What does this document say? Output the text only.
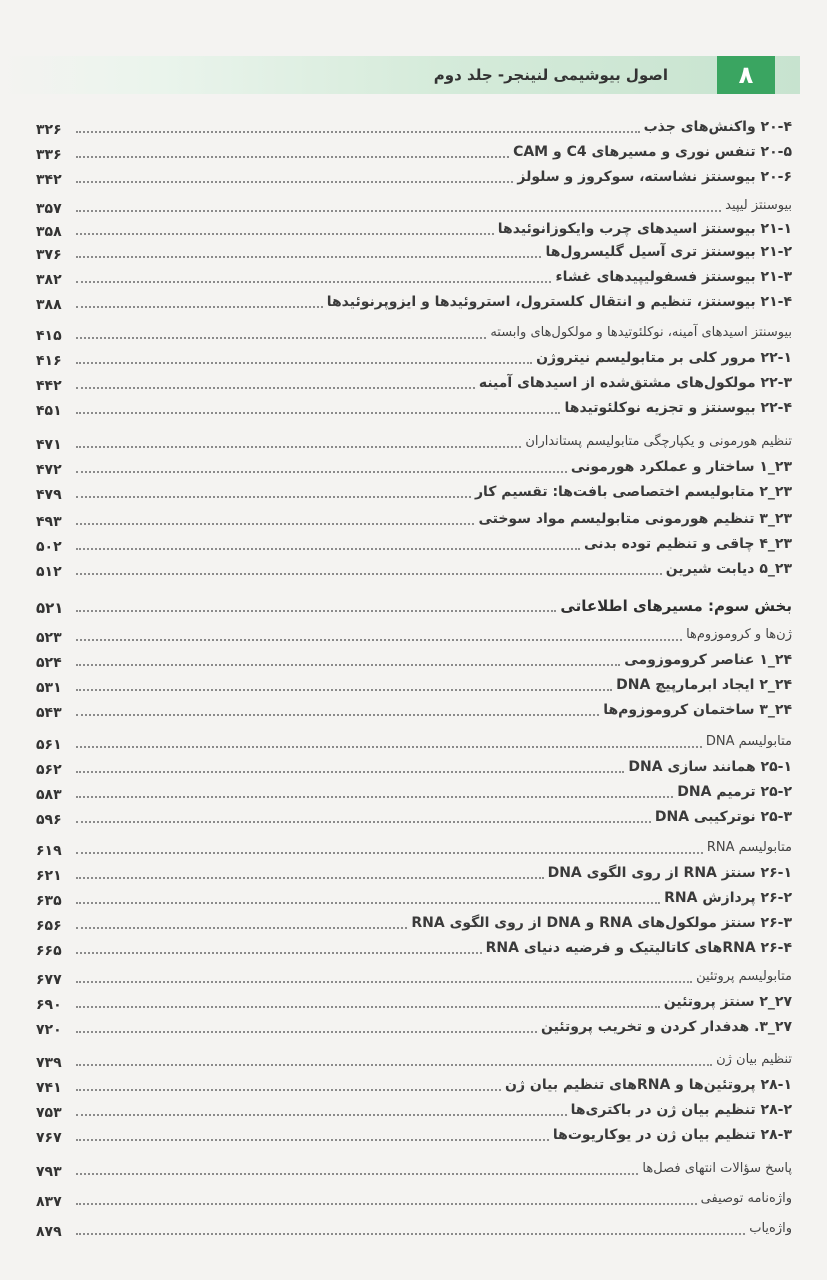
۸
اصول بیوشیمی لنینجر- جلد دوم
۳۲۶	۲۰-۴ واکنش‌های جذب
۳۳۶	۲۰-۵ تنفس نوری و مسیرهای C4 و CAM
۳۴۲	۲۰-۶ بیوسنتز نشاسته، سوکروز و سلولز
۳۵۷	بیوسنتز لیپید
۳۵۸	۲۱-۱ بیوسنتز اسیدهای چرب وایکوزانوئیدها
۳۷۶	۲۱-۲ بیوسنتز تری آسیل گلیسرول‌ها
۳۸۲	۲۱-۳ بیوسنتز فسفولیپیدهای غشاء
۳۸۸	۲۱-۴ بیوسنتز، تنظیم و انتقال کلسترول، استروئیدها و ایزوپرنوئیدها
۴۱۵	بیوسنتز اسیدهای آمینه، نوکلئوتیدها و مولکول‌های وابسته
۴۱۶	۲۲-۱ مرور کلی بر متابولیسم نیتروژن
۴۴۲	۲۲-۳ مولکول‌های مشتق‌شده از اسیدهای آمینه
۴۵۱	۲۲-۴ بیوسنتز و تجزیه نوکلئوتیدها
۴۷۱	تنظیم هورمونی و یکپارچگی متابولیسم پستانداران
۴۷۲	۲۳_۱ ساختار و عملکرد هورمونی
۴۷۹	۲۳_۲ متابولیسم اختصاصی بافت‌ها: تقسیم کار
۴۹۳	۲۳_۳ تنظیم هورمونی متابولیسم مواد سوختی
۵۰۲	۲۳_۴ چاقی و تنظیم توده بدنی
۵۱۲	۲۳_۵ دیابت شیرین
۵۲۱	بخش سوم: مسیرهای اطلاعاتی
۵۲۳	ژن‌ها و کروموزوم‌ها
۵۲۴	۲۴_۱ عناصر کروموزومی
۵۳۱	۲۴_۲ ایجاد ابرمارپیچ DNA
۵۴۳	۲۴_۳ ساختمان کروموزوم‌ها
۵۶۱	متابولیسم DNA
۵۶۲	۲۵-۱ همانند سازی DNA
۵۸۳	۲۵-۲ ترمیم DNA
۵۹۶	۲۵-۳ نوترکیبی DNA
۶۱۹	متابولیسم RNA
۶۲۱	۲۶-۱ سنتز RNA از روی الگوی DNA
۶۳۵	۲۶-۲ پردازش RNA
۶۵۶	۲۶-۳ سنتز مولکول‌های RNA و DNA از روی الگوی RNA
۶۶۵	۲۶-۴ RNAهای کاتالیتیک و فرضیه دنیای RNA
۶۷۷	متابولیسم پروتئین
۶۹۰	۲۷_۲ سنتز پروتئین
۷۲۰	۲۷_۳. هدفدار کردن و تخریب پروتئین
۷۳۹	تنظیم بیان ژن
۷۴۱	۲۸-۱ پروتئین‌ها و RNAهای تنظیم بیان ژن
۷۵۳	۲۸-۲ تنظیم بیان ژن در باکتری‌ها
۷۶۷	۲۸-۳ تنظیم بیان ژن در یوکاریوت‌ها
۷۹۳	پاسخ سؤالات انتهای فصل‌ها
۸۳۷	واژه‌نامه توصیفی
۸۷۹	واژه‌یاب
